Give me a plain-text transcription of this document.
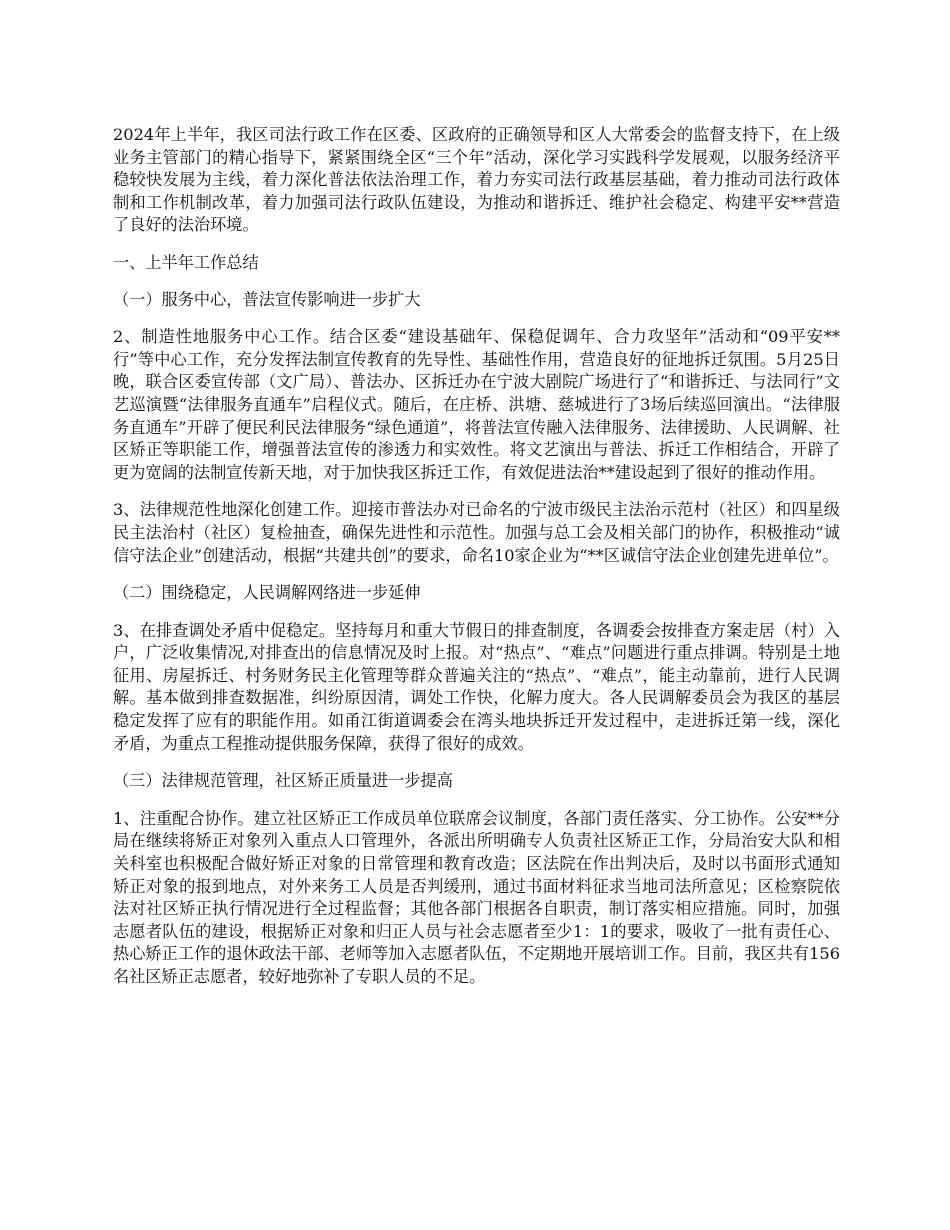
2024年上半年，我区司法行政工作在区委、区政府的正确领导和区人大常委会的监督支持下，在上级业务主管部门的精心指导下，紧紧围绕全区“三个年”活动，深化学习实践科学发展观，以服务经济平稳较快发展为主线，着力深化普法依法治理工作，着力夯实司法行政基层基础，着力推动司法行政体制和工作机制改革，着力加强司法行政队伍建设，为推动和谐拆迁、维护社会稳定、构建平安**营造了良好的法治环境。

一、上半年工作总结

（一）服务中心，普法宣传影响进一步扩大

2、制造性地服务中心工作。结合区委“建设基础年、保稳促调年、合力攻坚年”活动和“09平安**行”等中心工作，充分发挥法制宣传教育的先导性、基础性作用，营造良好的征地拆迁氛围。5月25日晚，联合区委宣传部（文广局）、普法办、区拆迁办在宁波大剧院广场进行了“和谐拆迁、与法同行”文艺巡演暨“法律服务直通车”启程仪式。随后，在庄桥、洪塘、慈城进行了3场后续巡回演出。“法律服务直通车”开辟了便民利民法律服务“绿色通道”，将普法宣传融入法律服务、法律援助、人民调解、社区矫正等职能工作，增强普法宣传的渗透力和实效性。将文艺演出与普法、拆迁工作相结合，开辟了更为宽阔的法制宣传新天地，对于加快我区拆迁工作，有效促进法治**建设起到了很好的推动作用。

3、法律规范性地深化创建工作。迎接市普法办对已命名的宁波市级民主法治示范村（社区）和四星级民主法治村（社区）复检抽查，确保先进性和示范性。加强与总工会及相关部门的协作，积极推动“诚信守法企业”创建活动，根据“共建共创”的要求，命名10家企业为“**区诚信守法企业创建先进单位”。

（二）围绕稳定，人民调解网络进一步延伸

3、在排查调处矛盾中促稳定。坚持每月和重大节假日的排查制度，各调委会按排查方案走居（村）入户，广泛收集情况,对排查出的信息情况及时上报。对“热点”、“难点”问题进行重点排调。特别是土地征用、房屋拆迁、村务财务民主化管理等群众普遍关注的“热点”、“难点”，能主动靠前，进行人民调解。基本做到排查数据准，纠纷原因清，调处工作快，化解力度大。各人民调解委员会为我区的基层稳定发挥了应有的职能作用。如甬江街道调委会在湾头地块拆迁开发过程中，走进拆迁第一线，深化矛盾，为重点工程推动提供服务保障，获得了很好的成效。

（三）法律规范管理，社区矫正质量进一步提高

1、注重配合协作。建立社区矫正工作成员单位联席会议制度，各部门责任落实、分工协作。公安**分局在继续将矫正对象列入重点人口管理外，各派出所明确专人负责社区矫正工作，分局治安大队和相关科室也积极配合做好矫正对象的日常管理和教育改造；区法院在作出判决后，及时以书面形式通知矫正对象的报到地点，对外来务工人员是否判缓刑，通过书面材料征求当地司法所意见；区检察院依法对社区矫正执行情况进行全过程监督；其他各部门根据各自职责，制订落实相应措施。同时，加强志愿者队伍的建设，根据矫正对象和归正人员与社会志愿者至少1：1的要求，吸收了一批有责任心、热心矫正工作的退休政法干部、老师等加入志愿者队伍，不定期地开展培训工作。目前，我区共有156名社区矫正志愿者，较好地弥补了专职人员的不足。
